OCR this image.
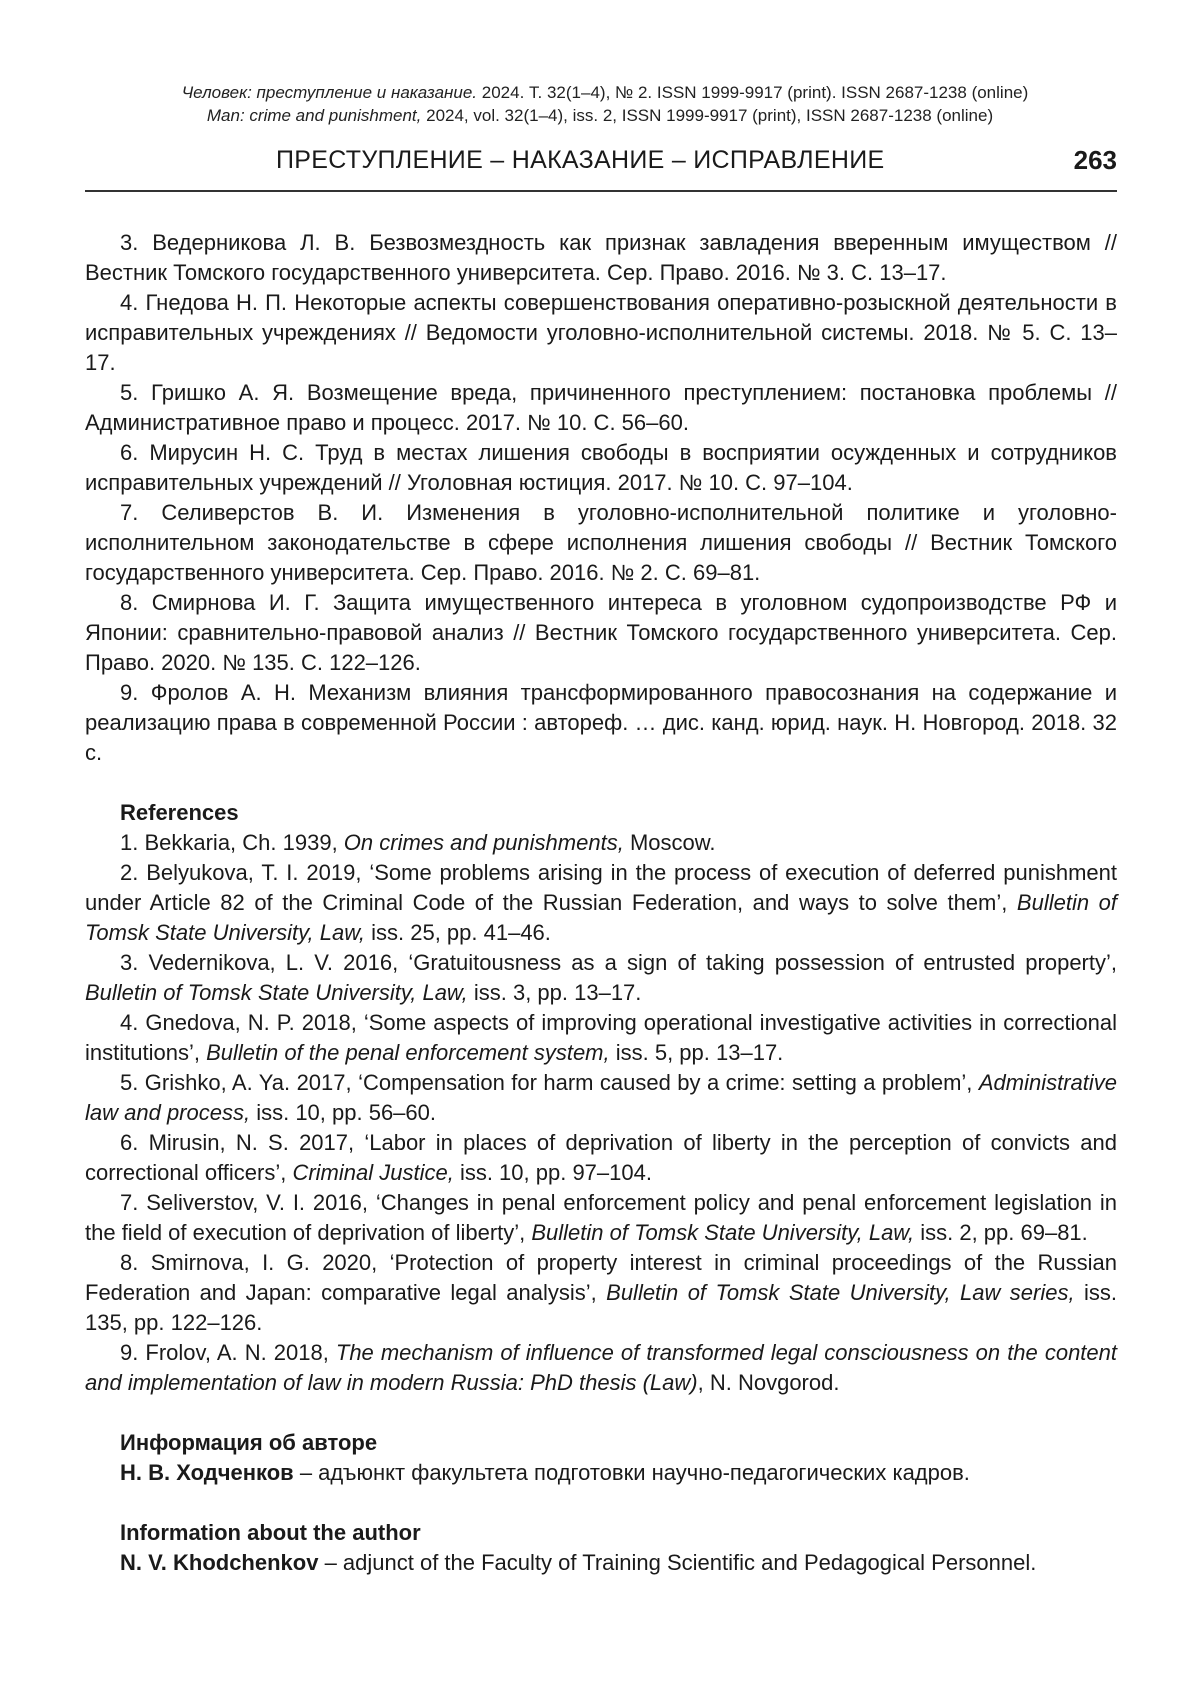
Человек: преступление и наказание. 2024. Т. 32(1–4), № 2. ISSN 1999-9917 (print). ISSN 2687-1238 (online)
Man: crime and punishment, 2024, vol. 32(1–4), iss. 2, ISSN 1999-9917 (print), ISSN 2687-1238 (online)
ПРЕСТУПЛЕНИЕ – НАКАЗАНИЕ – ИСПРАВЛЕНИЕ	263

3. Ведерникова Л. В. Безвозмездность как признак завладения вверенным имуществом // Вестник Томского государственного университета. Сер. Право. 2016. № 3. С. 13–17.

4. Гнедова Н. П. Некоторые аспекты совершенствования оперативно-розыскной деятельности в исправительных учреждениях // Ведомости уголовно-исполнительной системы. 2018. № 5. С. 13–17.

5. Гришко А. Я. Возмещение вреда, причиненного преступлением: постановка проблемы // Административное право и процесс. 2017. № 10. С. 56–60.

6. Мирусин Н. С. Труд в местах лишения свободы в восприятии осужденных и сотрудников исправительных учреждений // Уголовная юстиция. 2017. № 10. С. 97–104.

7. Селиверстов В. И. Изменения в уголовно-исполнительной политике и уголовно-исполнительном законодательстве в сфере исполнения лишения свободы // Вестник Томского государственного университета. Сер. Право. 2016. № 2. С. 69–81.

8. Смирнова И. Г. Защита имущественного интереса в уголовном судопроизводстве РФ и Японии: сравнительно-правовой анализ // Вестник Томского государственного университета. Сер. Право. 2020. № 135. С. 122–126.

9. Фролов А. Н. Механизм влияния трансформированного правосознания на содержание и реализацию права в современной России : автореф. … дис. канд. юрид. наук. Н. Новгород. 2018. 32 с.

References

1. Bekkaria, Ch. 1939, On crimes and punishments, Moscow.

2. Belyukova, T. I. 2019, ‘Some problems arising in the process of execution of deferred punishment under Article 82 of the Criminal Code of the Russian Federation, and ways to solve them’, Bulletin of Tomsk State University, Law, iss. 25, pp. 41–46.

3. Vedernikova, L. V. 2016, ‘Gratuitousness as a sign of taking possession of entrusted property’, Bulletin of Tomsk State University, Law, iss. 3, pp. 13–17.

4. Gnedova, N. P. 2018, ‘Some aspects of improving operational investigative activities in correctional institutions’, Bulletin of the penal enforcement system, iss. 5, pp. 13–17.

5. Grishko, A. Ya. 2017, ‘Compensation for harm caused by a crime: setting a problem’, Administrative law and process, iss. 10, pp. 56–60.

6. Mirusin, N. S. 2017, ‘Labor in places of deprivation of liberty in the perception of convicts and correctional officers’, Criminal Justice, iss. 10, pp. 97–104.

7. Seliverstov, V. I. 2016, ‘Changes in penal enforcement policy and penal enforcement legislation in the field of execution of deprivation of liberty’, Bulletin of Tomsk State University, Law, iss. 2, pp. 69–81.

8. Smirnova, I. G. 2020, ‘Protection of property interest in criminal proceedings of the Russian Federation and Japan: comparative legal analysis’, Bulletin of Tomsk State University, Law series, iss. 135, pp. 122–126.

9. Frolov, A. N. 2018, The mechanism of influence of transformed legal consciousness on the content and implementation of law in modern Russia: PhD thesis (Law), N. Novgorod.

Информация об авторе

Н. В. Ходченков – адъюнкт факультета подготовки научно-педагогических кадров.

Information about the author

N. V. Khodchenkov – adjunct of the Faculty of Training Scientific and Pedagogical Personnel.
